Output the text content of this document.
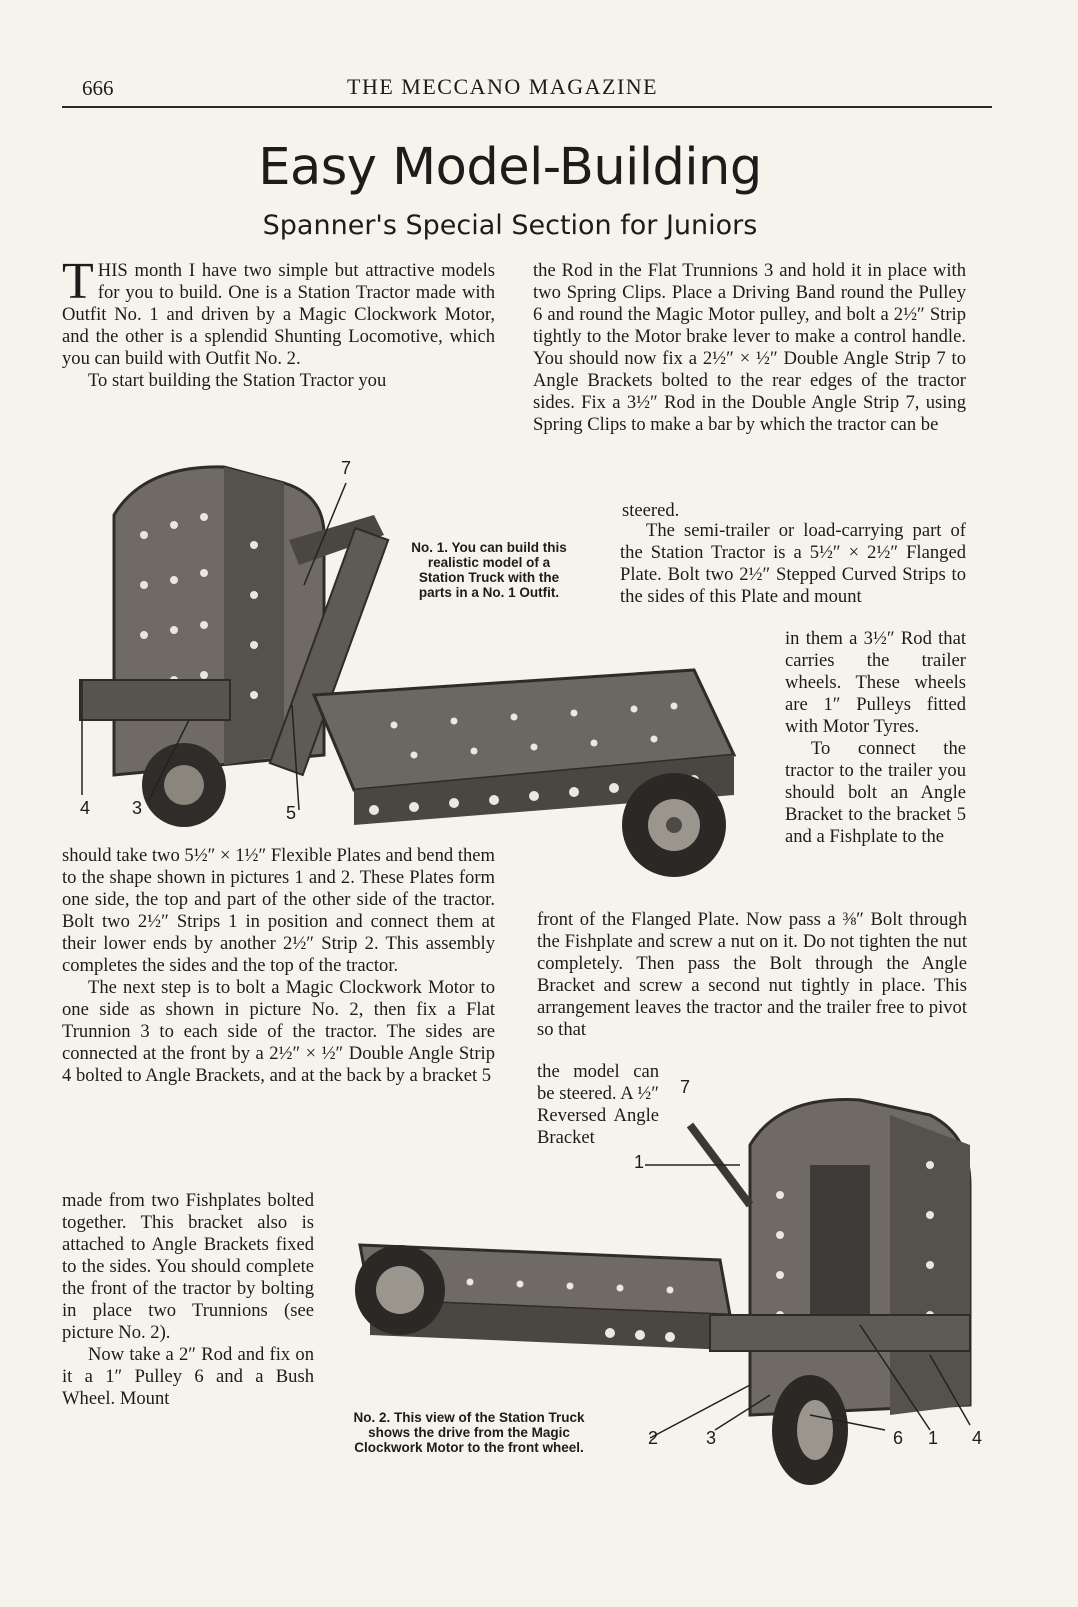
666	THE MECCANO MAGAZINE
Easy Model-Building
Spanner's Special Section for Juniors
T HIS month I have two simple but attractive models for you to build. One is a Station Tractor made with Outfit No. 1 and driven by a Magic Clockwork Motor, and the other is a splendid Shunting Locomotive, which you can build with Outfit No. 2.

To start building the Station Tractor you

the Rod in the Flat Trunnions 3 and hold it in place with two Spring Clips. Place a Driving Band round the Pulley 6 and round the Magic Motor pulley, and bolt a 2½″ Strip tightly to the Motor brake lever to make a control handle. You should now fix a 2½″ × ½″ Double Angle Strip 7 to Angle Brackets bolted to the rear edges of the tractor sides. Fix a 3½″ Rod in the Double Angle Strip 7, using Spring Clips to make a bar by which the tractor can be

steered.

The semi-trailer or load-carrying part of the Station Tractor is a 5½″ × 2½″ Flanged Plate. Bolt two 2½″ Stepped Curved Strips to the sides of this Plate and mount

in them a 3½″ Rod that carries the trailer wheels. These wheels are 1″ Pulleys fitted with Motor Tyres.

To connect the tractor to the trailer you should bolt an Angle Bracket to the bracket 5 and a Fishplate to the

front of the Flanged Plate. Now pass a ⅜″ Bolt through the Fishplate and screw a nut on it. Do not tighten the nut completely. Then pass the Bolt through the Angle Bracket and screw a second nut tightly in place. This arrangement leaves the tractor and the trailer free to pivot so that

the model can be steered. A ½″ Reversed Angle Bracket

should take two 5½″ × 1½″ Flexible Plates and bend them to the shape shown in pictures 1 and 2. These Plates form one side, the top and part of the other side of the tractor. Bolt two 2½″ Strips 1 in position and connect them at their lower ends by another 2½″ Strip 2. This assembly completes the sides and the top of the tractor.

The next step is to bolt a Magic Clockwork Motor to one side as shown in picture No. 2, then fix a Flat Trunnion 3 to each side of the tractor. The sides are connected at the front by a 2½″ × ½″ Double Angle Strip 4 bolted to Angle Brackets, and at the back by a bracket 5

made from two Fishplates bolted together. This bracket also is attached to Angle Brackets fixed to the sides. You should complete the front of the tractor by bolting in place two Trunnions (see picture No. 2).

Now take a 2″ Rod and fix on it a 1″ Pulley 6 and a Bush Wheel. Mount

7
4 3	5
No. 1. You can build this realistic model of a Station Truck with the parts in a No. 1 Outfit.
7
1
2	3	6 1 4
No. 2. This view of the Station Truck shows the drive from the Magic Clockwork Motor to the front wheel.
